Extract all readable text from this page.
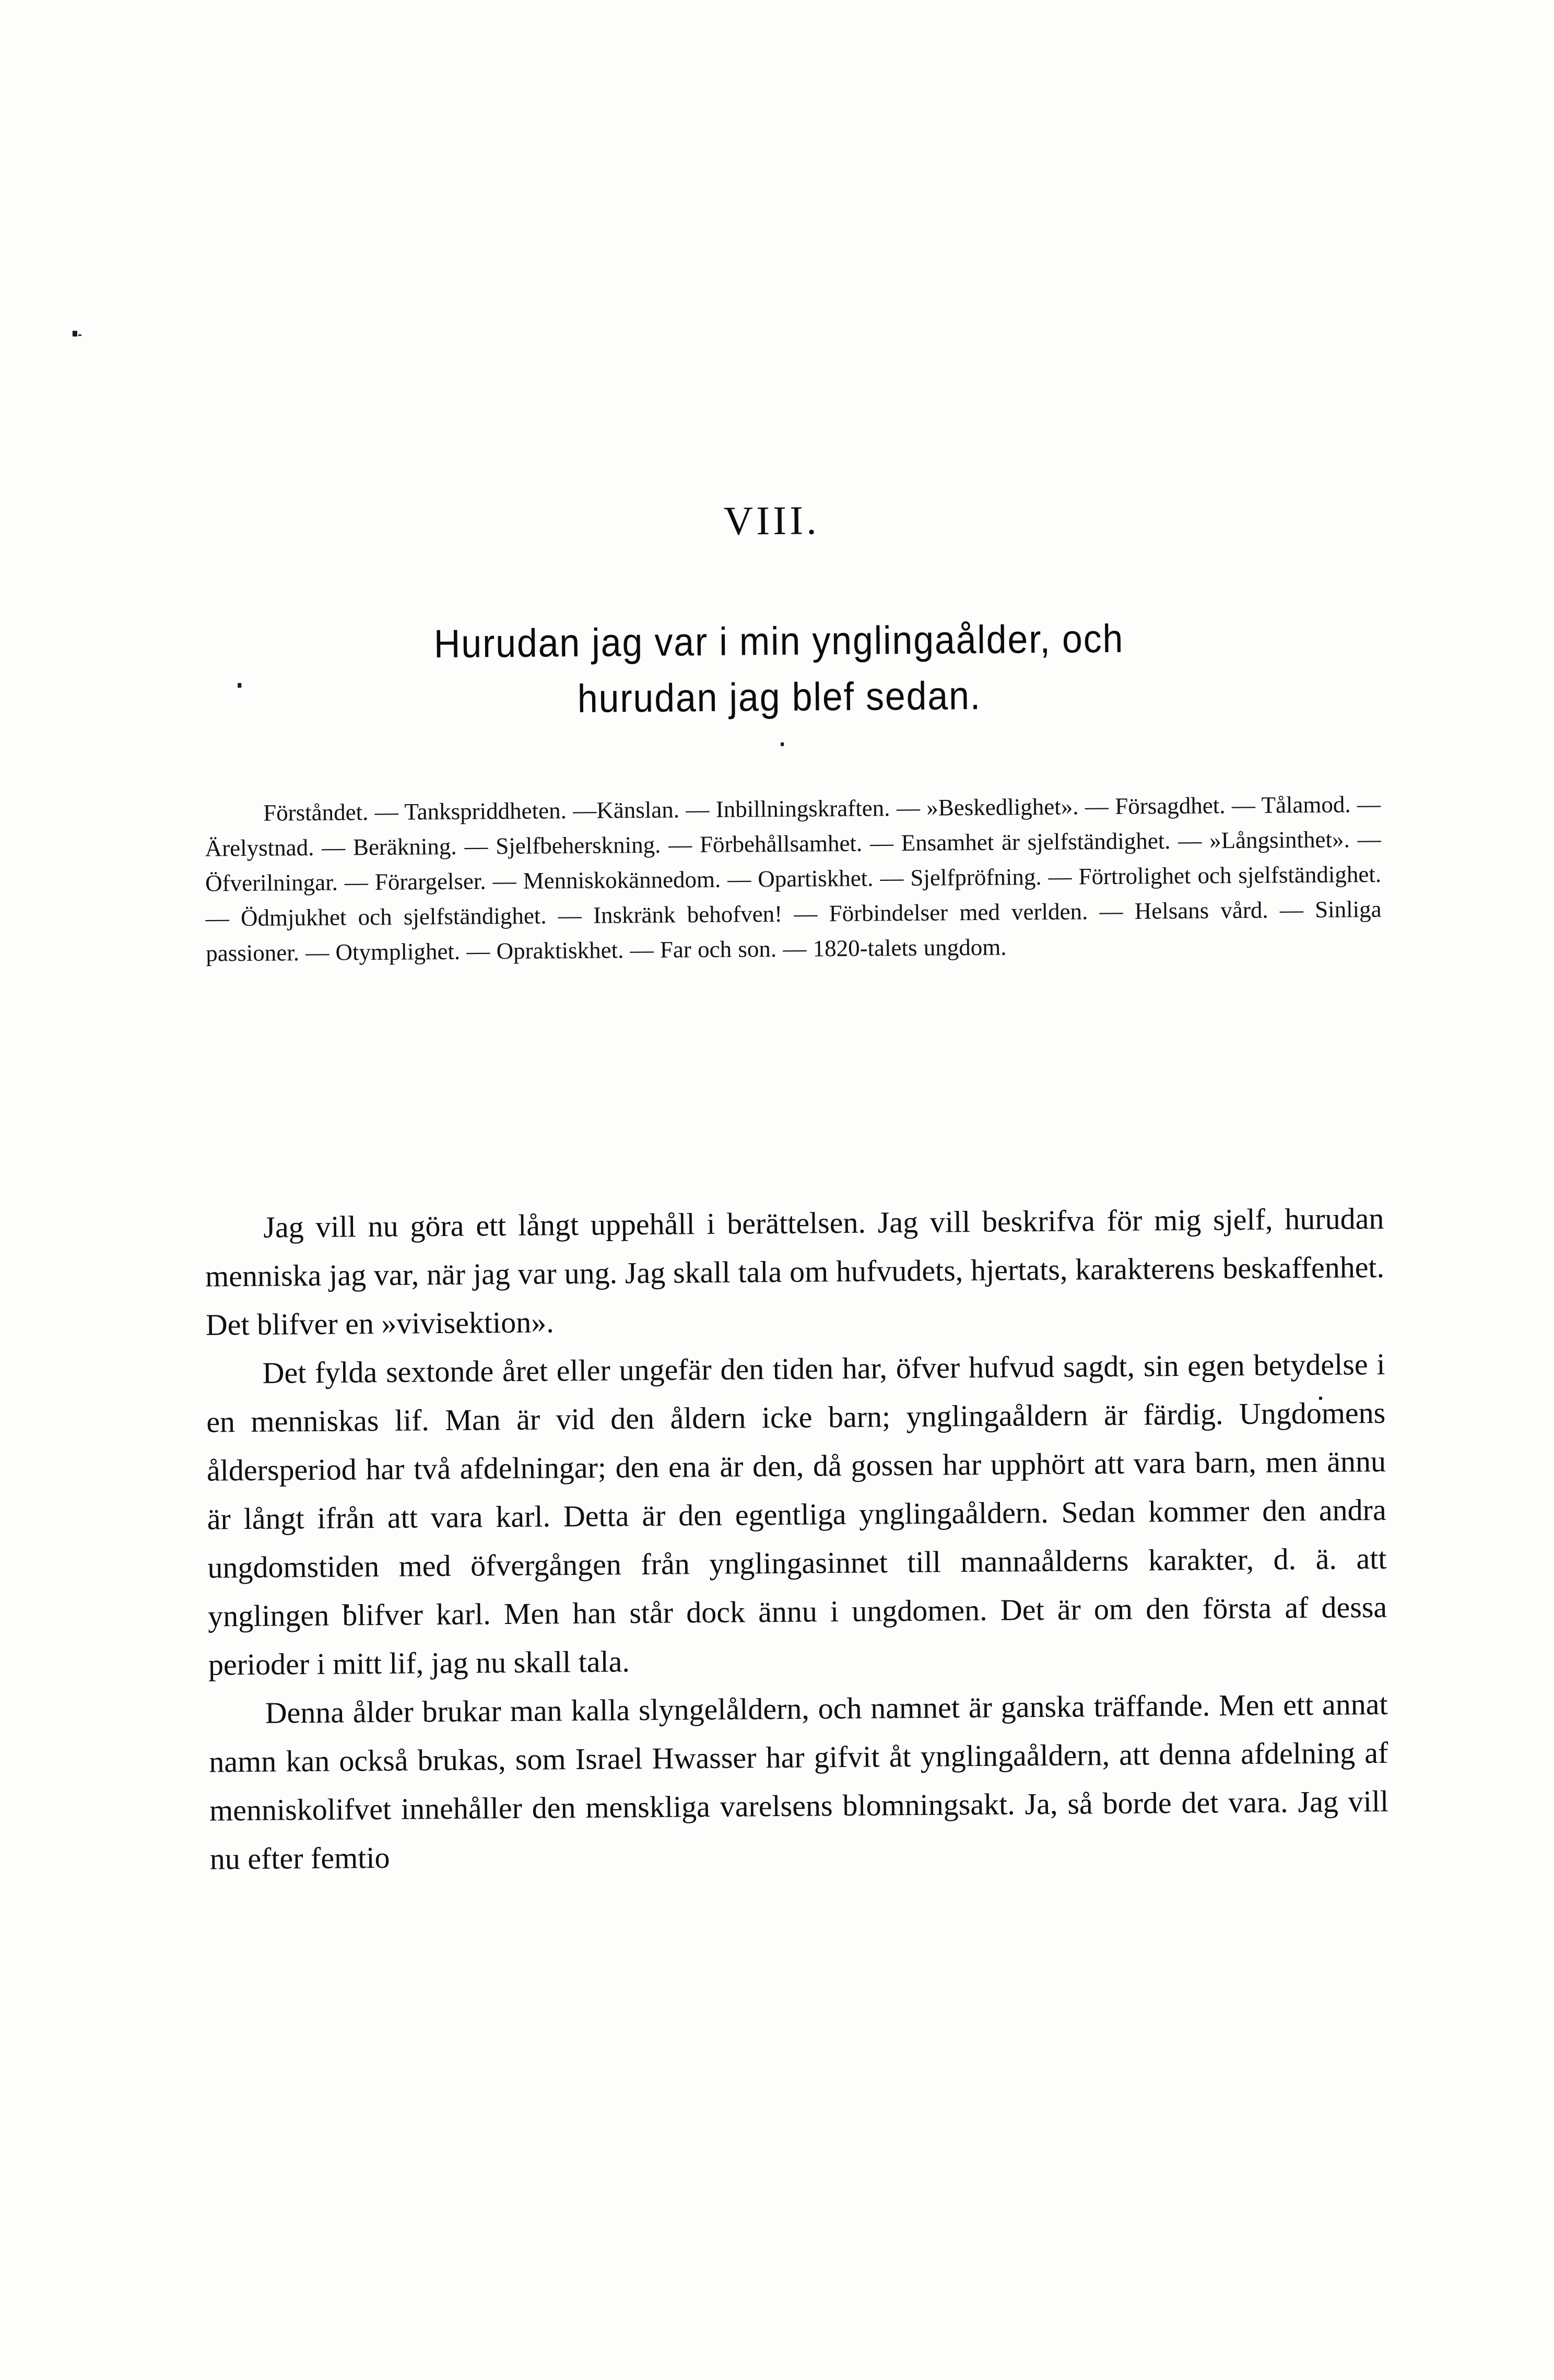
VIII.
Hurudan jag var i min ynglingaålder, och
hurudan jag blef sedan.
Förståndet. — Tankspriddheten. —Känslan. — Inbillningskraften. — »Beskedlighet». — Försagdhet. — Tålamod. — Ärelystnad. — Beräkning. — Sjelfbeherskning. — Förbehållsamhet. — Ensamhet är sjelfständighet. — »Långsinthet». — Öfverilningar. — Förargelser. — Menniskokännedom. — Opartiskhet. — Sjelfpröfning. — Förtrolighet och sjelfständighet. — Ödmjukhet och sjelfständighet. — Inskränk behofven! — Förbindelser med verlden. — Helsans vård. — Sinliga passioner. — Otymplighet. — Opraktiskhet. — Far och son. — 1820-talets ungdom.

Jag vill nu göra ett långt uppehåll i berättelsen. Jag vill beskrifva för mig sjelf, hurudan menniska jag var, när jag var ung. Jag skall tala om hufvudets, hjertats, karakterens beskaffenhet. Det blifver en »vivisektion».

Det fylda sextonde året eller ungefär den tiden har, öfver hufvud sagdt, sin egen betydelse i en menniskas lif. Man är vid den åldern icke barn; ynglingaåldern är färdig. Ungdomens åldersperiod har två afdelningar; den ena är den, då gossen har upphört att vara barn, men ännu är långt ifrån att vara karl. Detta är den egentliga ynglingaåldern. Sedan kommer den andra ungdomstiden med öfvergången från ynglingasinnet till mannaålderns karakter, d. ä. att ynglingen blifver karl. Men han står dock ännu i ungdomen. Det är om den första af dessa perioder i mitt lif, jag nu skall tala.

Denna ålder brukar man kalla slyngelåldern, och namnet är ganska träffande. Men ett annat namn kan också brukas, som Israel Hwasser har gifvit åt ynglingaåldern, att denna afdelning af menniskolifvet innehåller den menskliga varelsens blomningsakt. Ja, så borde det vara. Jag vill nu efter femtio
